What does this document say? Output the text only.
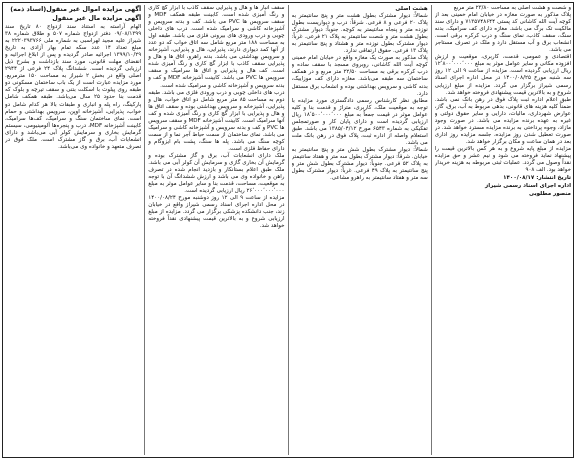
آگهی مزایده اموال غیر منقول(اسناد ذمه)
آگهی مزایده مال غیر منقول

الهام آراسته به استناد سند ازدواج ۸۰ تاریخ سند ۰۹/۰۸/۱۳۹۹ دفتر ازدواج شماره ۵۰۷ و طلاق شماره ۳۸ شیراز علیه مجید لهراسبی به شماره ملی ۲۲۲۰۳۹۳۷۶۶ به مبلغ تعداد ۱۴ عدد سکه تمام بهار آزادی به تاریخ ۱۳۹۹/۱۰/۲۹ اجرائیه صادر گردیده و پس از ابلاغ اجرائیه و انقضای مهلت قانونی، مورد سند بازداشت و بشرح ذیل ارزیابی گردیده است. ششدانگ پلاک ۲۴ فرعی از ۲۹۴۴ اصلی واقع در بخش ۲ شیراز به مساحت ۱۵۰ مترمربع. مورد مزایده عبارت است از یک باب ساختمان مسکونی دو طبقه روی پیلوت با اسکلت بتنی و سقف تیرچه و بلوک که قدمت بنا حدود ۲۵ سال می‌باشد. طبقه همکف شامل پارکینگ، راه پله و انباری و طبقات بالا هر کدام شامل دو خواب، پذیرایی، آشپزخانه اوپن، سرویس بهداشتی و حمام است. نمای ساختمان سنگ و سرامیک، کف‌ها سرامیک، کابینت آشپزخانه MDF، درب و پنجره‌ها آلومینیومی، سیستم گرمایش بخاری و سرمایش کولر آبی می‌باشد و دارای انشعابات آب، برق و گاز مشترک است. ملک فوق در تصرف متعهد و خانواده وی می‌باشد.

سقف انبار ها و هال و پذیرایی سقف کاذب با ابزار گچ کاری و رنگ آمیزی شده است. کابینت طبقه همکف MDF و سقف سرویس ها PVC می باشد. کف و بدنه سرویس و آشپزخانه کاشی و سرامیک شده است. درب های داخلی چوبی و درب ورودی های بیرونی فلزی می باشد. طبقه اول به مساحت ۱۸۸ متر مربع شامل سه اتاق خواب که دو عدد از آنها کمد دیواری دارند، پذیرایی، هال و پذیرایی، آشپزخانه و سرویس بهداشتی می باشد. بدنه راهرو، اتاق ها و هال و پذیرایی سقف کاذب با ابزار گچ کاری و رنگ آمیزی شده است. کف هال و پذیرایی و اتاق ها سرامیک و سقف سرویس ها PVC می باشد. کابینت آشپزخانه MDF و کف و بدنه سرویس و آشپزخانه کاشی و سرامیک شده است.

درب های داخلی چوبی و درب ورودی فلزی می باشد. طبقه دوم به مساحت ۸۵ متر مربع شامل دو اتاق خواب، هال و پذیرایی، آشپزخانه و سرویس بهداشتی بوده و سقف اتاق ها و هال و پذیرایی با ابزار گچ کاری و رنگ آمیزی شده و کف آنها سرامیک است. کابینت آشپزخانه MDF و سقف سرویس ها PVC و کف و بدنه سرویس و آشپزخانه کاشی و سرامیک می باشد. نمای ساختمان از سمت حیاط آجر نما و از سمت کوچه سنگ می باشد. پله ها سنگ، پشت بام ایزوگام و دارای حفاظ فلزی است.

ملک دارای انشعابات آب، برق و گاز مشترک بوده و گرمایش آن بخاری گازی و سرمایش آن کولر آبی می باشد. ملک طبق اعلام بستانکار و بازدید انجام شده در تصرف راهن و خانواده وی می باشد و ارزش ششدانگ آن با توجه به موقعیت، مساحت، قدمت بنا و سایر عوامل موثر به مبلغ ۲۶٬۰۰۰٬۰۰۰٬۰۰۰ ریال ارزیابی گردیده است.

مزایده از ساعت ۹ الی ۱۲ روز دوشنبه مورخ ۱۴۰۰/۰۸/۲۴ در محل اداره اجرای اسناد رسمی شیراز واقع در خیابان زند، جنب دانشکده پزشکی برگزار می گردد. مزایده از مبلغ ارزیابی شروع و به بالاترین قیمت پیشنهادی نقداً فروخته خواهد شد.

هشت اصلی

شمالاً: دیوار مشترک بطول هشت متر و پنج سانتیمتر به پلاک ۲۰ فرعی و ۸ فرعی. شرقاً: درب و دیواریست بطول نوزده متر و پنجاه سانتیمتر به کوچه. جنوباً: دیوار مشترک بطول هشت متر و شصت سانتیمتر به پلاک ۲۱ فرعی. غرباً: دیوار مشترک بطول نوزده متر و هشتاد و پنج سانتیمتر به پلاک ۱۳ فرعی. حقوق ارتفاقی ندارد.

پلاک مذکور به صورت یک مغازه واقع در خیابان امام خمینی کوچه آیت الله کاشانی، روبروی مسجد با سقف ساده و درب کرکره برقی به مساحت ۲۲/۵۰ متر مربع و در همکف ساختمان سه طبقه می‌باشد. مغازه دارای کف موزاییک، بدنه کاشی و سرویس بهداشتی بوده و انشعاب برق مستقل دارد.

مطابق نظر کارشناس رسمی دادگستری مورد مزایده با توجه به موقعیت ملک، کاربری، متراژ و قدمت بنا و کلیه عوامل موثر در قیمت جمعاً به مبلغ ۱۸٬۵۰۰٬۰۰۰٬۰۰۰ ریال ارزیابی گردیده است و دارای پایان کار و صورتمجلس تفکیکی به شماره ۶۵۴۳ مورخ ۱۳۸۵/۰۴/۱۲ می باشد. طبق استعلام واصله از اداره ثبت، پلاک فوق در رهن بانک ملت می باشد.

شمالاً: دیوار مشترک بطول شش متر و پنج سانتیمتر به خیابان. شرقاً: دیوار مشترک بطول سه متر و هفتاد سانتیمتر به پلاک ۵۲ فرعی. جنوباً: دیوار مشترک بطول شش متر و پنج سانتیمتر به پلاک ۴۹ فرعی. غرباً: دیوار مشترک بطول سه متر و هفتاد سانتیمتر به راهرو مشاعی.

و شصت و هشت اصلی به مساحت ۲۳/۸۰ متر مربع

پلاک مذکور به صورت مغازه در خیابان امام خمینی بعد از کوچه آیت الله کاشانی کد پستی ۷۱۳۵۷۴۸۶۴۴ و دارای سند مالکیت تک برگ می باشد. مغازه دارای کف سرامیک، بدنه سنگ، سقف کاذب، نمای سنگ و درب کرکره برقی است. انشعاب برق و آب مستقل دارد و ملک در تصرف مستاجر می باشد.

اقتصادی و عمومی، قدمت، کاربری، موقعیت و ارزش افزوده مکانی و سایر عوامل موثر به مبلغ ۱۲٬۸۰۰٬۰۰۰٬۰۰۰ ریال ارزیابی گردیده است. مزایده از ساعت ۹ الی ۱۲ روز سه شنبه مورخ ۱۴۰۰/۰۸/۲۵ در محل اداره اجرای اسناد رسمی شیراز برگزار می گردد. مزایده از مبلغ ارزیابی شروع و به بالاترین قیمت پیشنهادی فروخته خواهد شد.

طبق اعلام اداره ثبت پلاک فوق در رهن بانک نمی باشد. ضمناً کلیه هزینه های قانونی، بدهی مربوط به آب، برق، گاز، عوارض شهرداری، مالیات، دارایی و سایر حقوق دولتی و غیره به عهده برنده مزایده می باشد. در صورت وجود مازاد، وجوه پرداختی به برنده مزایده مسترد خواهد شد. در صورت تعطیل شدن روز مزایده، جلسه مزایده روز اداری بعد در همان ساعت و مکان برگزار خواهد شد.

مزایده از مبلغ پایه شروع و به هر کس بالاترین قیمت را پیشنهاد نماید فروخته می شود و نیم عشر و حق مزایده نقداً وصول می گردد. عملیات ثبتی مربوطه به هزینه خریدار خواهد بود. الف ۹۰۸

تاریخ انتشار: ۱۴۰۰/۰۸/۱۷

اداره اجرای اسناد رسمی شیراز

منصور مطلوبی
